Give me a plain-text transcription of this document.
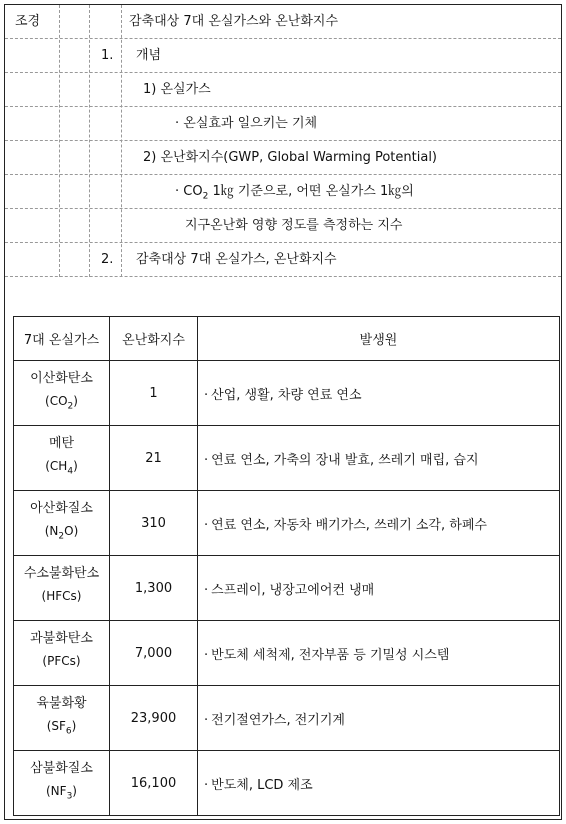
조경	감축대상 7대 온실가스와 온난화지수
1. 개념
1) 온실가스
· 온실효과 일으키는 기체
2) 온난화지수(GWP, Global Warming Potential)
· $CO_2$ 1㎏ 기준으로, 어떤 온실가스 1㎏의
지구온난화 영향 정도를 측정하는 지수
2. 감축대상 7대 온실가스, 온난화지수
7대 온실가스	온난화지수	발생원
이산화탄소
$(CO_2)$	1	· 산업, 생활, 차량 연료 연소
메탄
$(CH_4)$	21	· 연료 연소, 가축의 장내 발효, 쓰레기 매립, 습지
아산화질소
$(N_2O)$	310	· 연료 연소, 자동차 배기가스, 쓰레기 소각, 하폐수
수소불화탄소
(HFCs)	1,300	· 스프레이, 냉장고에어컨 냉매
과불화탄소
(PFCs)	7,000	· 반도체 세척제, 전자부품 등 기밀성 시스템
육불화황
$(SF_6)$	23,900	· 전기절연가스, 전기기계
삼불화질소
$(NF_3)$	16,100	· 반도체, LCD 제조
